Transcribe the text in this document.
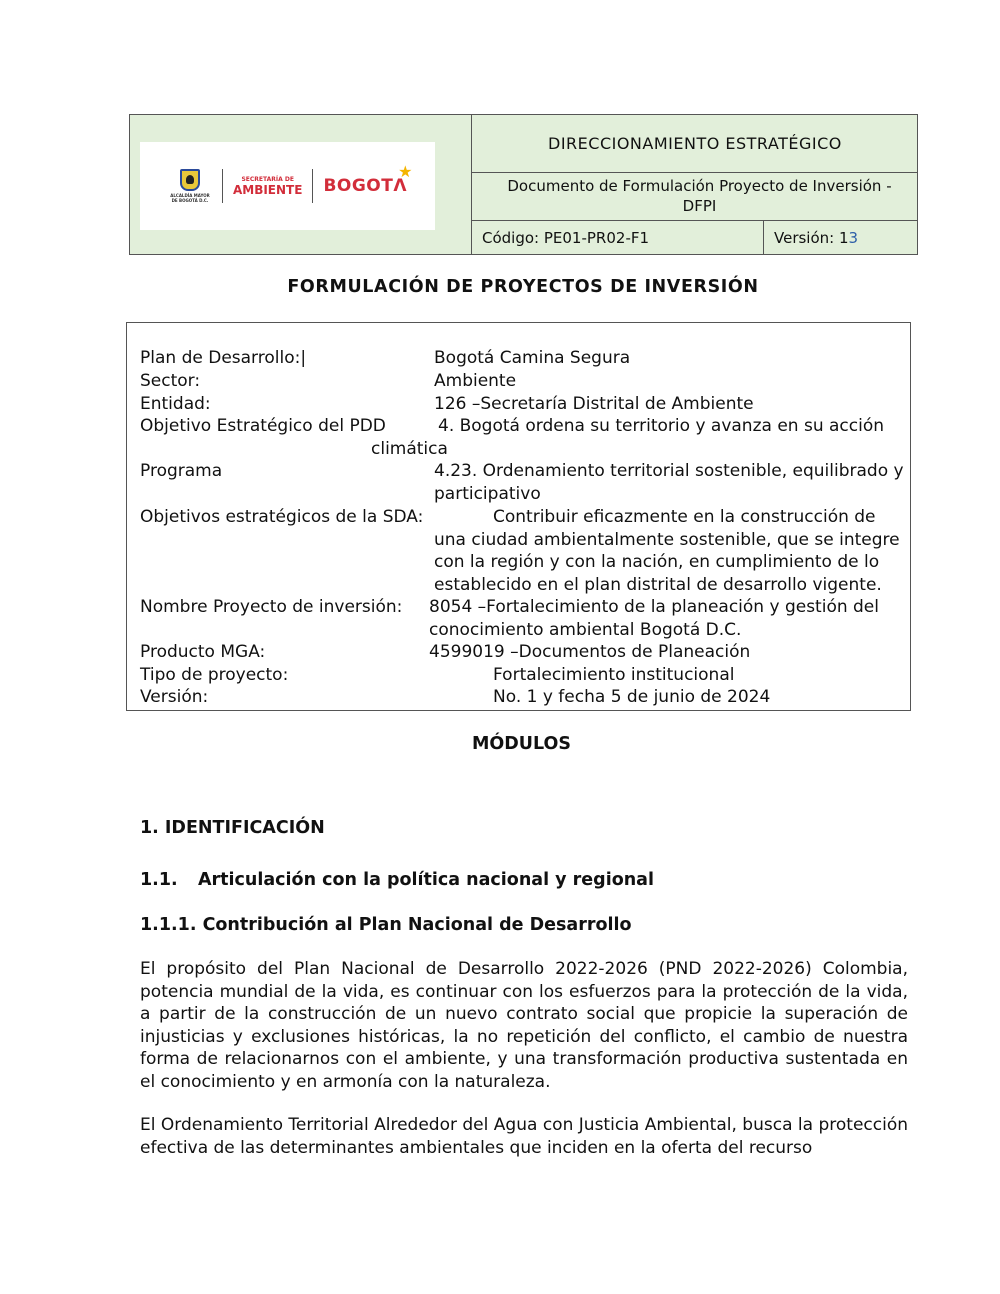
ALCALDÍA MAYOR DE BOGOTÁ D.C.
SECRETARÍA DE
AMBIENTE BOGOTΛ
★
DIRECCIONAMIENTO ESTRATÉGICO
Documento de Formulación Proyecto de Inversión -
DFPI
Código: PE01-PR02-F1	Versión: 1 3
FORMULACIÓN DE PROYECTOS DE INVERSIÓN
Plan de Desarrollo:|	Bogotá Camina Segura
Sector:	Ambiente
Entidad:	126 –Secretaría Distrital de Ambiente
Objetivo Estratégico del PDD	4. Bogotá ordena su territorio y avanza en su acción
climática
Programa	4.23. Ordenamiento territorial sostenible, equilibrado y
participativo
Objetivos estratégicos de la SDA:	Contribuir eficazmente en la construcción de
una ciudad ambientalmente sostenible, que se integre
con la región y con la nación, en cumplimiento de lo
establecido en el plan distrital de desarrollo vigente.
Nombre Proyecto de inversión: 8054 –Fortalecimiento de la planeación y gestión del
conocimiento ambiental Bogotá D.C.
Producto MGA:	4599019 –Documentos de Planeación
Tipo de proyecto:	Fortalecimiento institucional
Versión:	No. 1 y fecha 5 de junio de 2024
MÓDULOS
1. IDENTIFICACIÓN
1.1. Articulación con la política nacional y regional
1.1.1. Contribución al Plan Nacional de Desarrollo
El propósito del Plan Nacional de Desarrollo 2022-2026 (PND 2022-2026) Colombia, potencia mundial de la vida, es continuar con los esfuerzos para la protección de la vida, a partir de la construcción de un nuevo contrato social que propicie la superación de injusticias y exclusiones históricas, la no repetición del conflicto, el cambio de nuestra forma de relacionarnos con el ambiente, y una transformación productiva sustentada en el conocimiento y en armonía con la naturaleza.
El Ordenamiento Territorial Alrededor del Agua con Justicia Ambiental, busca la protección efectiva de las determinantes ambientales que inciden en la oferta del recurso
